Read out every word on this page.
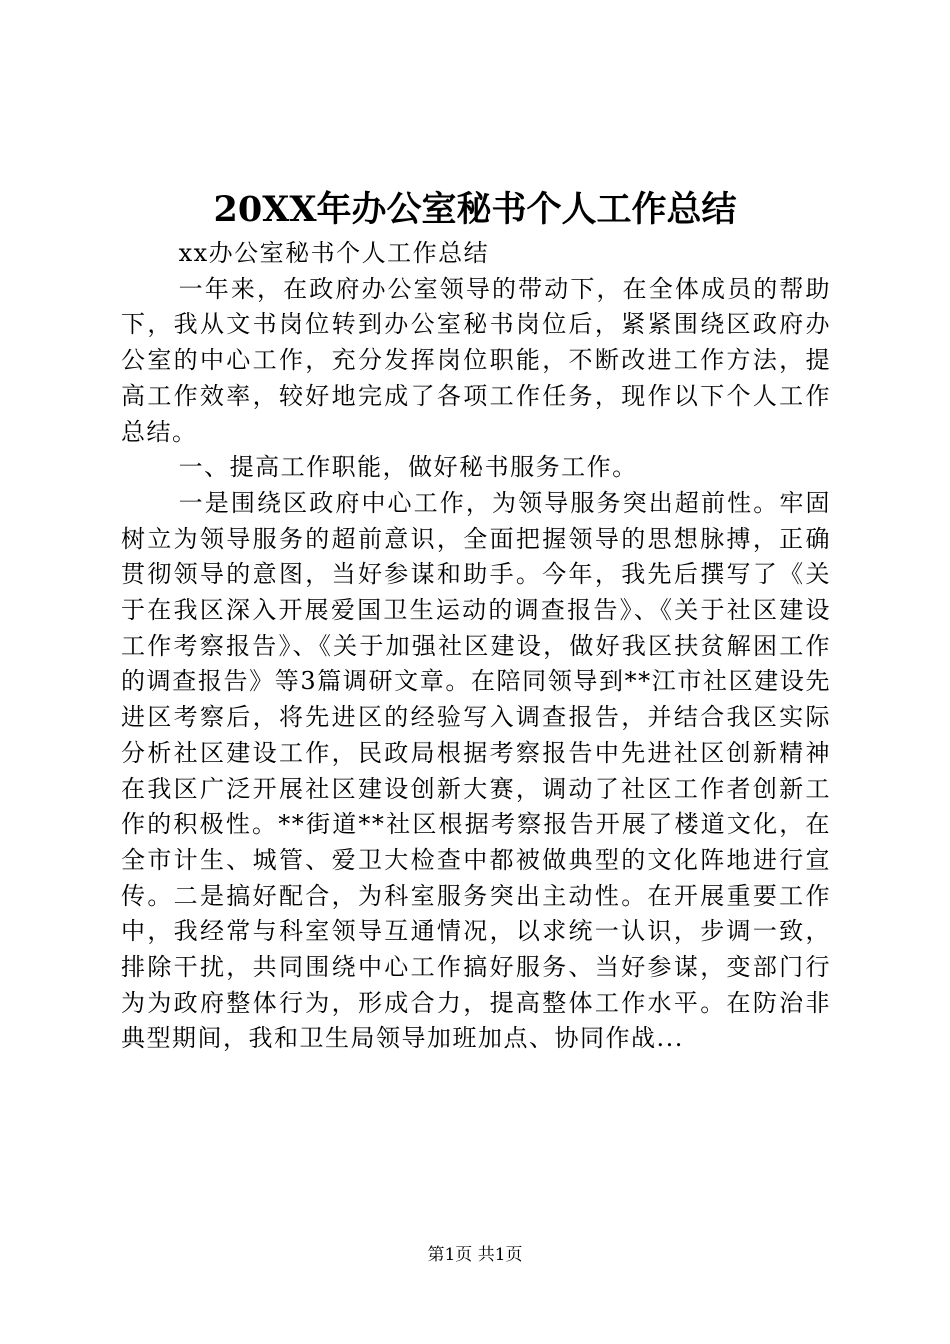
20XX年办公室秘书个人工作总结

xx办公室秘书个人工作总结

一年来，在政府办公室领导的带动下，在全体成员的帮助下，我从文书岗位转到办公室秘书岗位后，紧紧围绕区政府办公室的中心工作，充分发挥岗位职能，不断改进工作方法，提高工作效率，较好地完成了各项工作任务，现作以下个人工作总结。

一、提高工作职能，做好秘书服务工作。

一是围绕区政府中心工作，为领导服务突出超前性。牢固树立为领导服务的超前意识，全面把握领导的思想脉搏，正确贯彻领导的意图，当好参谋和助手。今年，我先后撰写了《关于在我区深入开展爱国卫生运动的调查报告》、《关于社区建设工作考察报告》、《关于加强社区建设，做好我区扶贫解困工作的调查报告》等3篇调研文章。在陪同领导到**江市社区建设先进区考察后，将先进区的经验写入调查报告，并结合我区实际分析社区建设工作，民政局根据考察报告中先进社区创新精神在我区广泛开展社区建设创新大赛，调动了社区工作者创新工作的积极性。**街道**社区根据考察报告开展了楼道文化，在全市计生、城管、爱卫大检查中都被做典型的文化阵地进行宣传。二是搞好配合，为科室服务突出主动性。在开展重要工作中，我经常与科室领导互通情况，以求统一认识，步调一致，排除干扰，共同围绕中心工作搞好服务、当好参谋，变部门行为为政府整体行为，形成合力，提高整体工作水平。在防治非典型期间，我和卫生局领导加班加点、协同作战...

第1页 共1页
